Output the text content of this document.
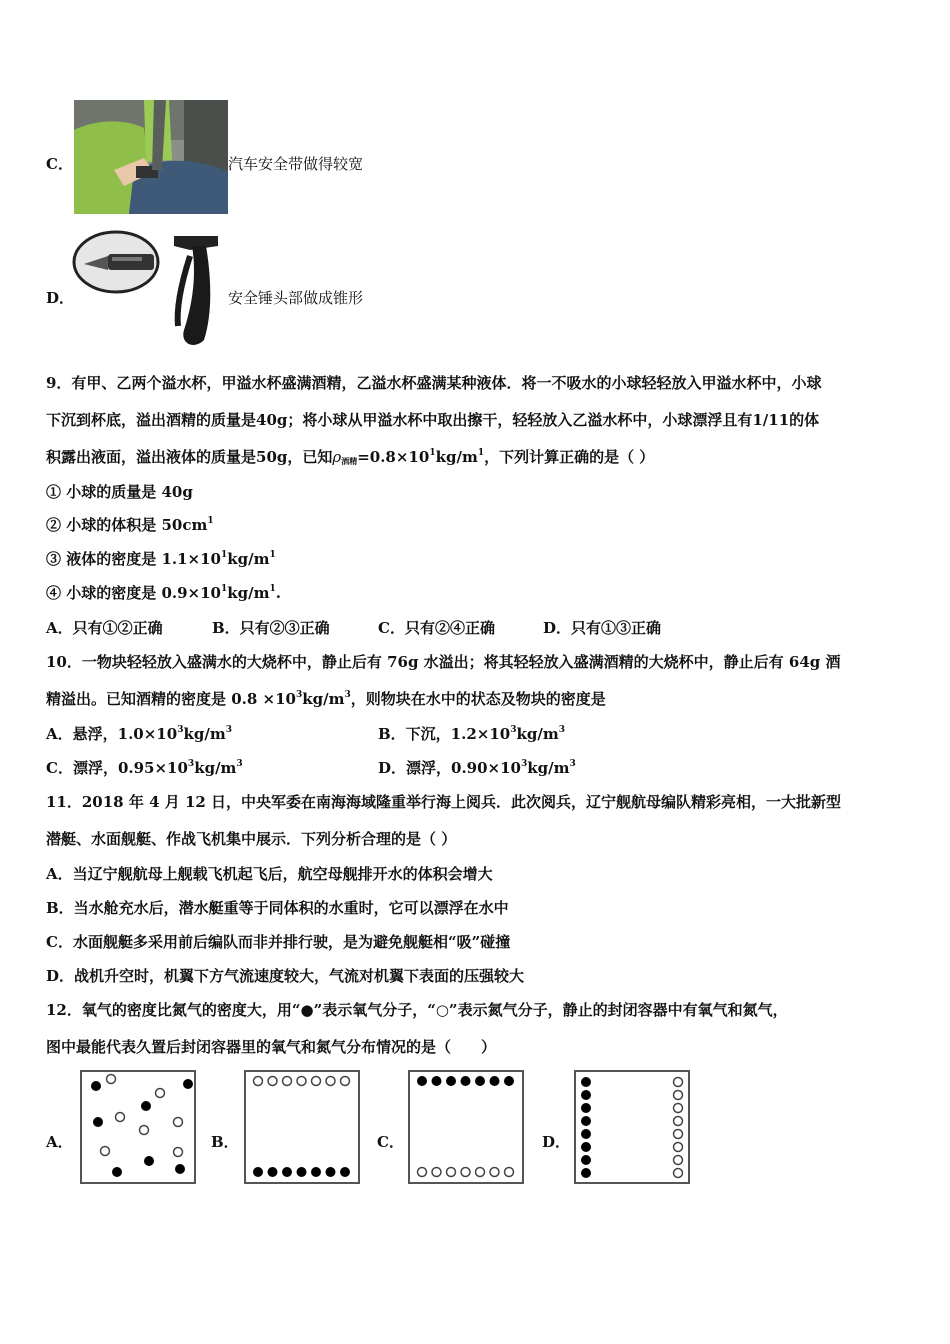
C．	汽车安全带做得较宽
D．	安全锤头部做成锥形
9．有甲、乙两个溢水杯，甲溢水杯盛满酒精，乙溢水杯盛满某种液体．将一不吸水的小球轻轻放入甲溢水杯中，小球
下沉到杯底，溢出酒精的质量是40g；将小球从甲溢水杯中取出擦干，轻轻放入乙溢水杯中，小球漂浮且有1/11的体
积露出液面，溢出液体的质量是50g，已知$\rho_{酒精}=0.8\times 10^1kg/m^1$，下列计算正确的是（ ）
① 小球的质量是 40g
② 小球的体积是 $50cm^1$
③ 液体的密度是 $1.1\times 10^1kg/m^1$
④ 小球的密度是 $0.9\times 10^1kg/m^1$.
A．只有①②正确	B．只有②③正确	C．只有②④正确	D．只有①③正确
10．一物块轻轻放入盛满水的大烧杯中，静止后有 76g 水溢出；将其轻轻放入盛满酒精的大烧杯中，静止后有 64g 酒
精溢出。已知酒精的密度是 $0.8 \times 10^3kg/m^3$，则物块在水中的状态及物块的密度是
A．悬浮，$1.0\times 10^3kg/m^3$	B．下沉，$1.2\times 10^3kg/m^3$
C．漂浮，$0.95\times 10^3kg/m^3$	D．漂浮，$0.90\times 10^3kg/m^3$
11．2018 年 4 月 12 日，中央军委在南海海域隆重举行海上阅兵．此次阅兵，辽宁舰航母编队精彩亮相，一大批新型
潜艇、水面舰艇、作战飞机集中展示．下列分析合理的是（ ）
A．当辽宁舰航母上舰载飞机起飞后，航空母舰排开水的体积会增大
B．当水舱充水后，潜水艇重等于同体积的水重时，它可以漂浮在水中
C．水面舰艇多采用前后编队而非并排行驶，是为避免舰艇相“吸”碰撞
D．战机升空时，机翼下方气流速度较大，气流对机翼下表面的压强较大
12．氧气的密度比氮气的密度大，用“●”表示氧气分子，“○”表示氮气分子，静止的封闭容器中有氧气和氮气，
图中最能代表久置后封闭容器里的氧气和氮气分布情况的是（　　）
A．	B．	C．	D．
